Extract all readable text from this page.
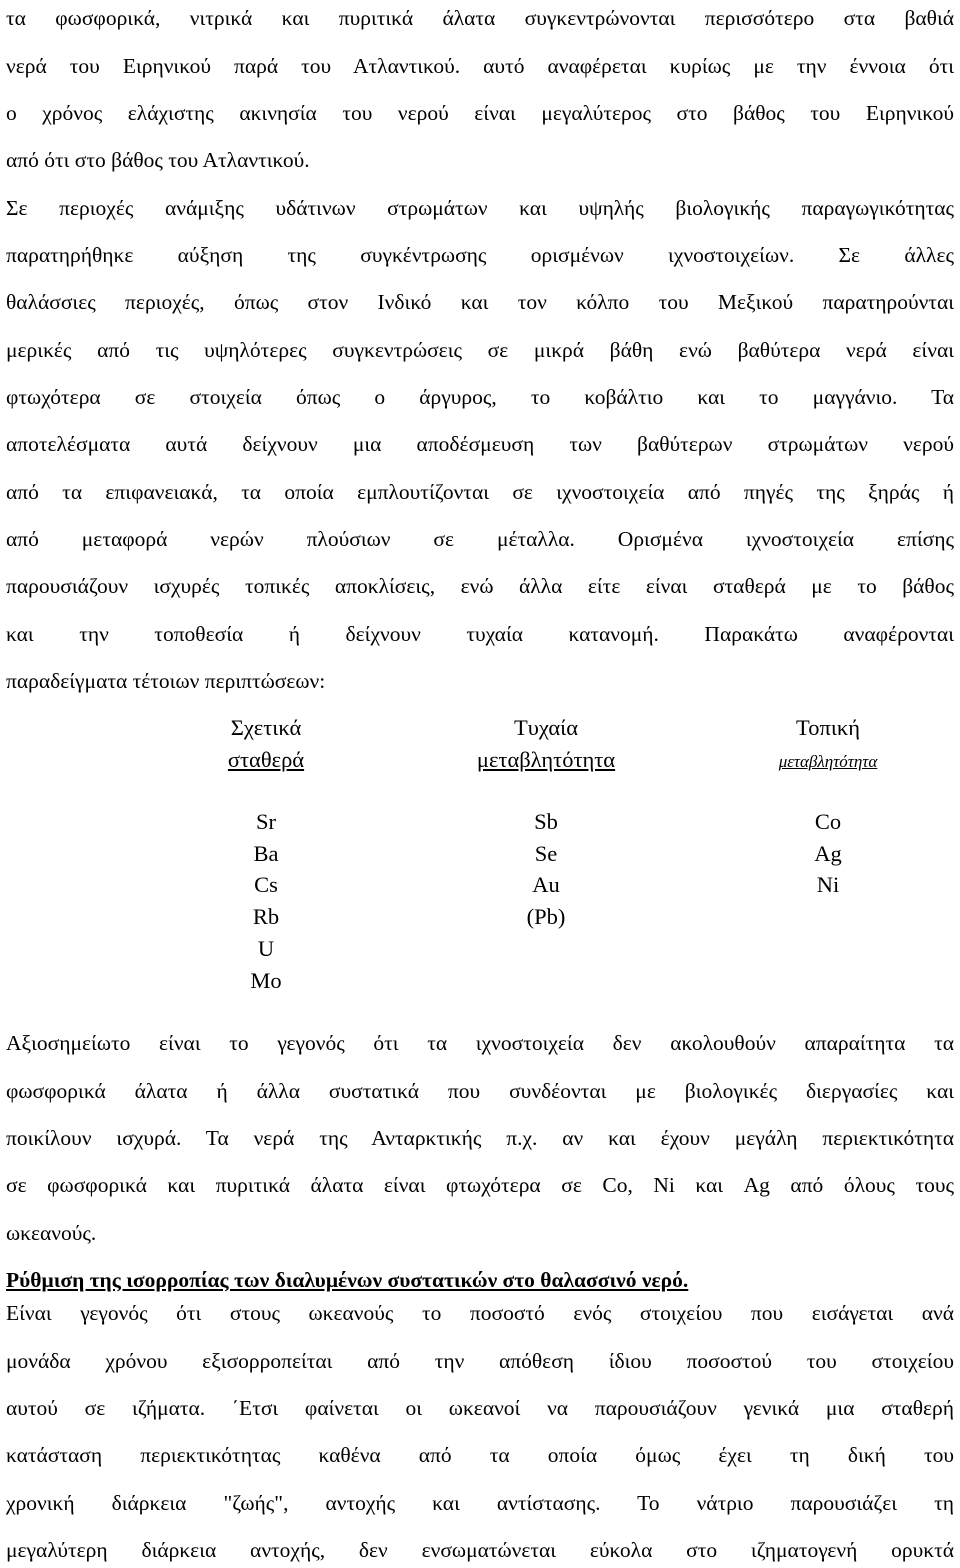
τα φωσφορικά, νιτρικά και πυριτικά άλατα συγκεντρώνονται περισσότερο στα βαθιά
νερά του Ειρηνικού παρά του Ατλαντικού. αυτό αναφέρεται κυρίως με την έννοια ότι
ο χρόνος ελάχιστης ακινησία του νερού είναι μεγαλύτερος στο βάθος του Ειρηνικού
από ότι στο βάθος του Ατλαντικού.
Σε περιοχές ανάμιξης υδάτινων στρωμάτων και υψηλής βιολογικής παραγωγικότητας
παρατηρήθηκε αύξηση της συγκέντρωσης ορισμένων ιχνοστοιχείων. Σε άλλες
θαλάσσιες περιοχές, όπως στον Ινδικό και τον κόλπο του Μεξικού παρατηρούνται
μερικές από τις υψηλότερες συγκεντρώσεις σε μικρά βάθη ενώ βαθύτερα νερά είναι
φτωχότερα σε στοιχεία όπως ο άργυρος, το κοβάλτιο και το μαγγάνιο. Τα
αποτελέσματα αυτά δείχνουν μια αποδέσμευση των βαθύτερων στρωμάτων νερού
από τα επιφανειακά, τα οποία εμπλουτίζονται σε ιχνοστοιχεία από πηγές της ξηράς ή
από μεταφορά νερών πλούσιων σε μέταλλα. Ορισμένα ιχνοστοιχεία επίσης
παρουσιάζουν ισχυρές τοπικές αποκλίσεις, ενώ άλλα είτε είναι σταθερά με το βάθος
και την τοποθεσία ή δείχνουν τυχαία κατανομή. Παρακάτω αναφέρονται
παραδείγματα τέτοιων περιπτώσεων:
Σχετικά
σταθερά
Sr
Ba
Cs
Rb
U
Mo
Τυχαία
μεταβλητότητα
Sb
Se
Au
(Pb)
Τοπική
μεταβλητότητα
Co
Ag
Ni
Αξιοσημείωτο είναι το γεγονός ότι τα ιχνοστοιχεία δεν ακολουθούν απαραίτητα τα
φωσφορικά άλατα ή άλλα συστατικά που συνδέονται με βιολογικές διεργασίες και
ποικίλουν ισχυρά. Τα νερά της Ανταρκτικής π.χ. αν και έχουν μεγάλη περιεκτικότητα
σε φωσφορικά και πυριτικά άλατα είναι φτωχότερα σε Co, Ni και Ag από όλους τους
ωκεανούς.
Ρύθμιση της ισορροπίας των διαλυμένων συστατικών στο θαλασσινό νερό.
Είναι γεγονός ότι στους ωκεανούς το ποσοστό ενός στοιχείου που εισάγεται ανά
μονάδα χρόνου εξισορροπείται από την απόθεση ίδιου ποσοστού του στοιχείου
αυτού σε ιζήματα. ΄Ετσι φαίνεται οι ωκεανοί να παρουσιάζουν γενικά μια σταθερή
κατάσταση περιεκτικότητας καθένα από τα οποία όμως έχει τη δική του
χρονική διάρκεια "ζωής", αντοχής και αντίστασης. Το νάτριο παρουσιάζει τη
μεγαλύτερη διάρκεια αντοχής, δεν ενσωματώνεται εύκολα στο ιζηματογενή ορυκτά
